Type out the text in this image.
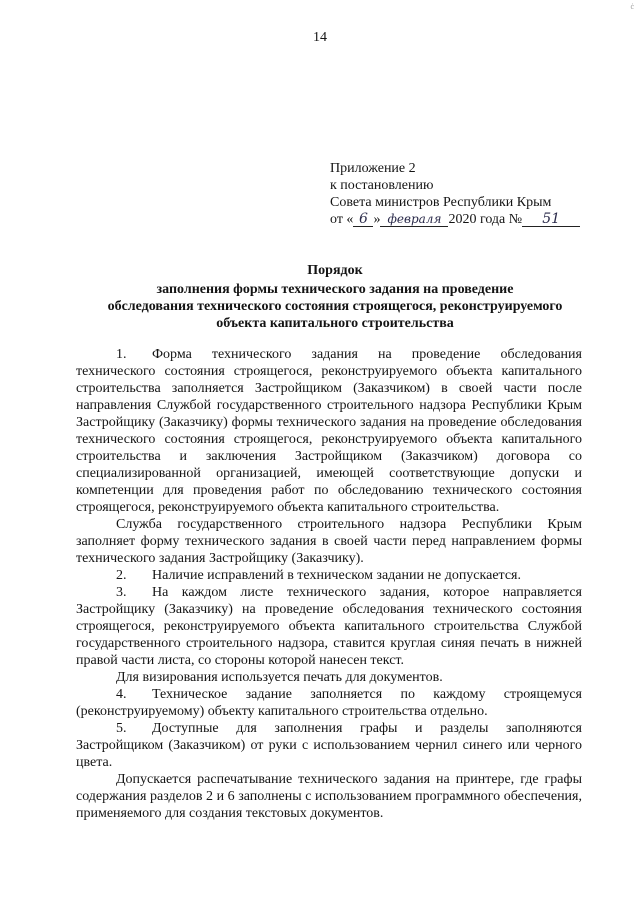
14
ċ
Приложение 2
к постановлению
Совета министров Республики Крым
от « 6 » февраля 2020 года № 51
Порядок
заполнения формы технического задания на проведение
обследования технического состояния строящегося, реконструируемого
объекта капитального строительства

1. Форма технического задания на проведение обследования технического состояния строящегося, реконструируемого объекта капитального строительства заполняется Застройщиком (Заказчиком) в своей части после направления Службой государственного строительного надзора Республики Крым Застройщику (Заказчику) формы технического задания на проведение обследования технического состояния строящегося, реконструируемого объекта капитального строительства и заключения Застройщиком (Заказчиком) договора со специализированной организацией, имеющей соответствующие допуски и компетенции для проведения работ по обследованию технического состояния строящегося, реконструируемого объекта капитального строительства.

Служба государственного строительного надзора Республики Крым заполняет форму технического задания в своей части перед направлением формы технического задания Застройщику (Заказчику).

2. Наличие исправлений в техническом задании не допускается.

3. На каждом листе технического задания, которое направляется Застройщику (Заказчику) на проведение обследования технического состояния строящегося, реконструируемого объекта капитального строительства Службой государственного строительного надзора, ставится круглая синяя печать в нижней правой части листа, со стороны которой нанесен текст.

Для визирования используется печать для документов.

4. Техническое задание заполняется по каждому строящемуся (реконструируемому) объекту капитального строительства отдельно.

5. Доступные для заполнения графы и разделы заполняются Застройщиком (Заказчиком) от руки с использованием чернил синего или черного цвета.

Допускается распечатывание технического задания на принтере, где графы содержания разделов 2 и 6 заполнены с использованием программного обеспечения, применяемого для создания текстовых документов.
